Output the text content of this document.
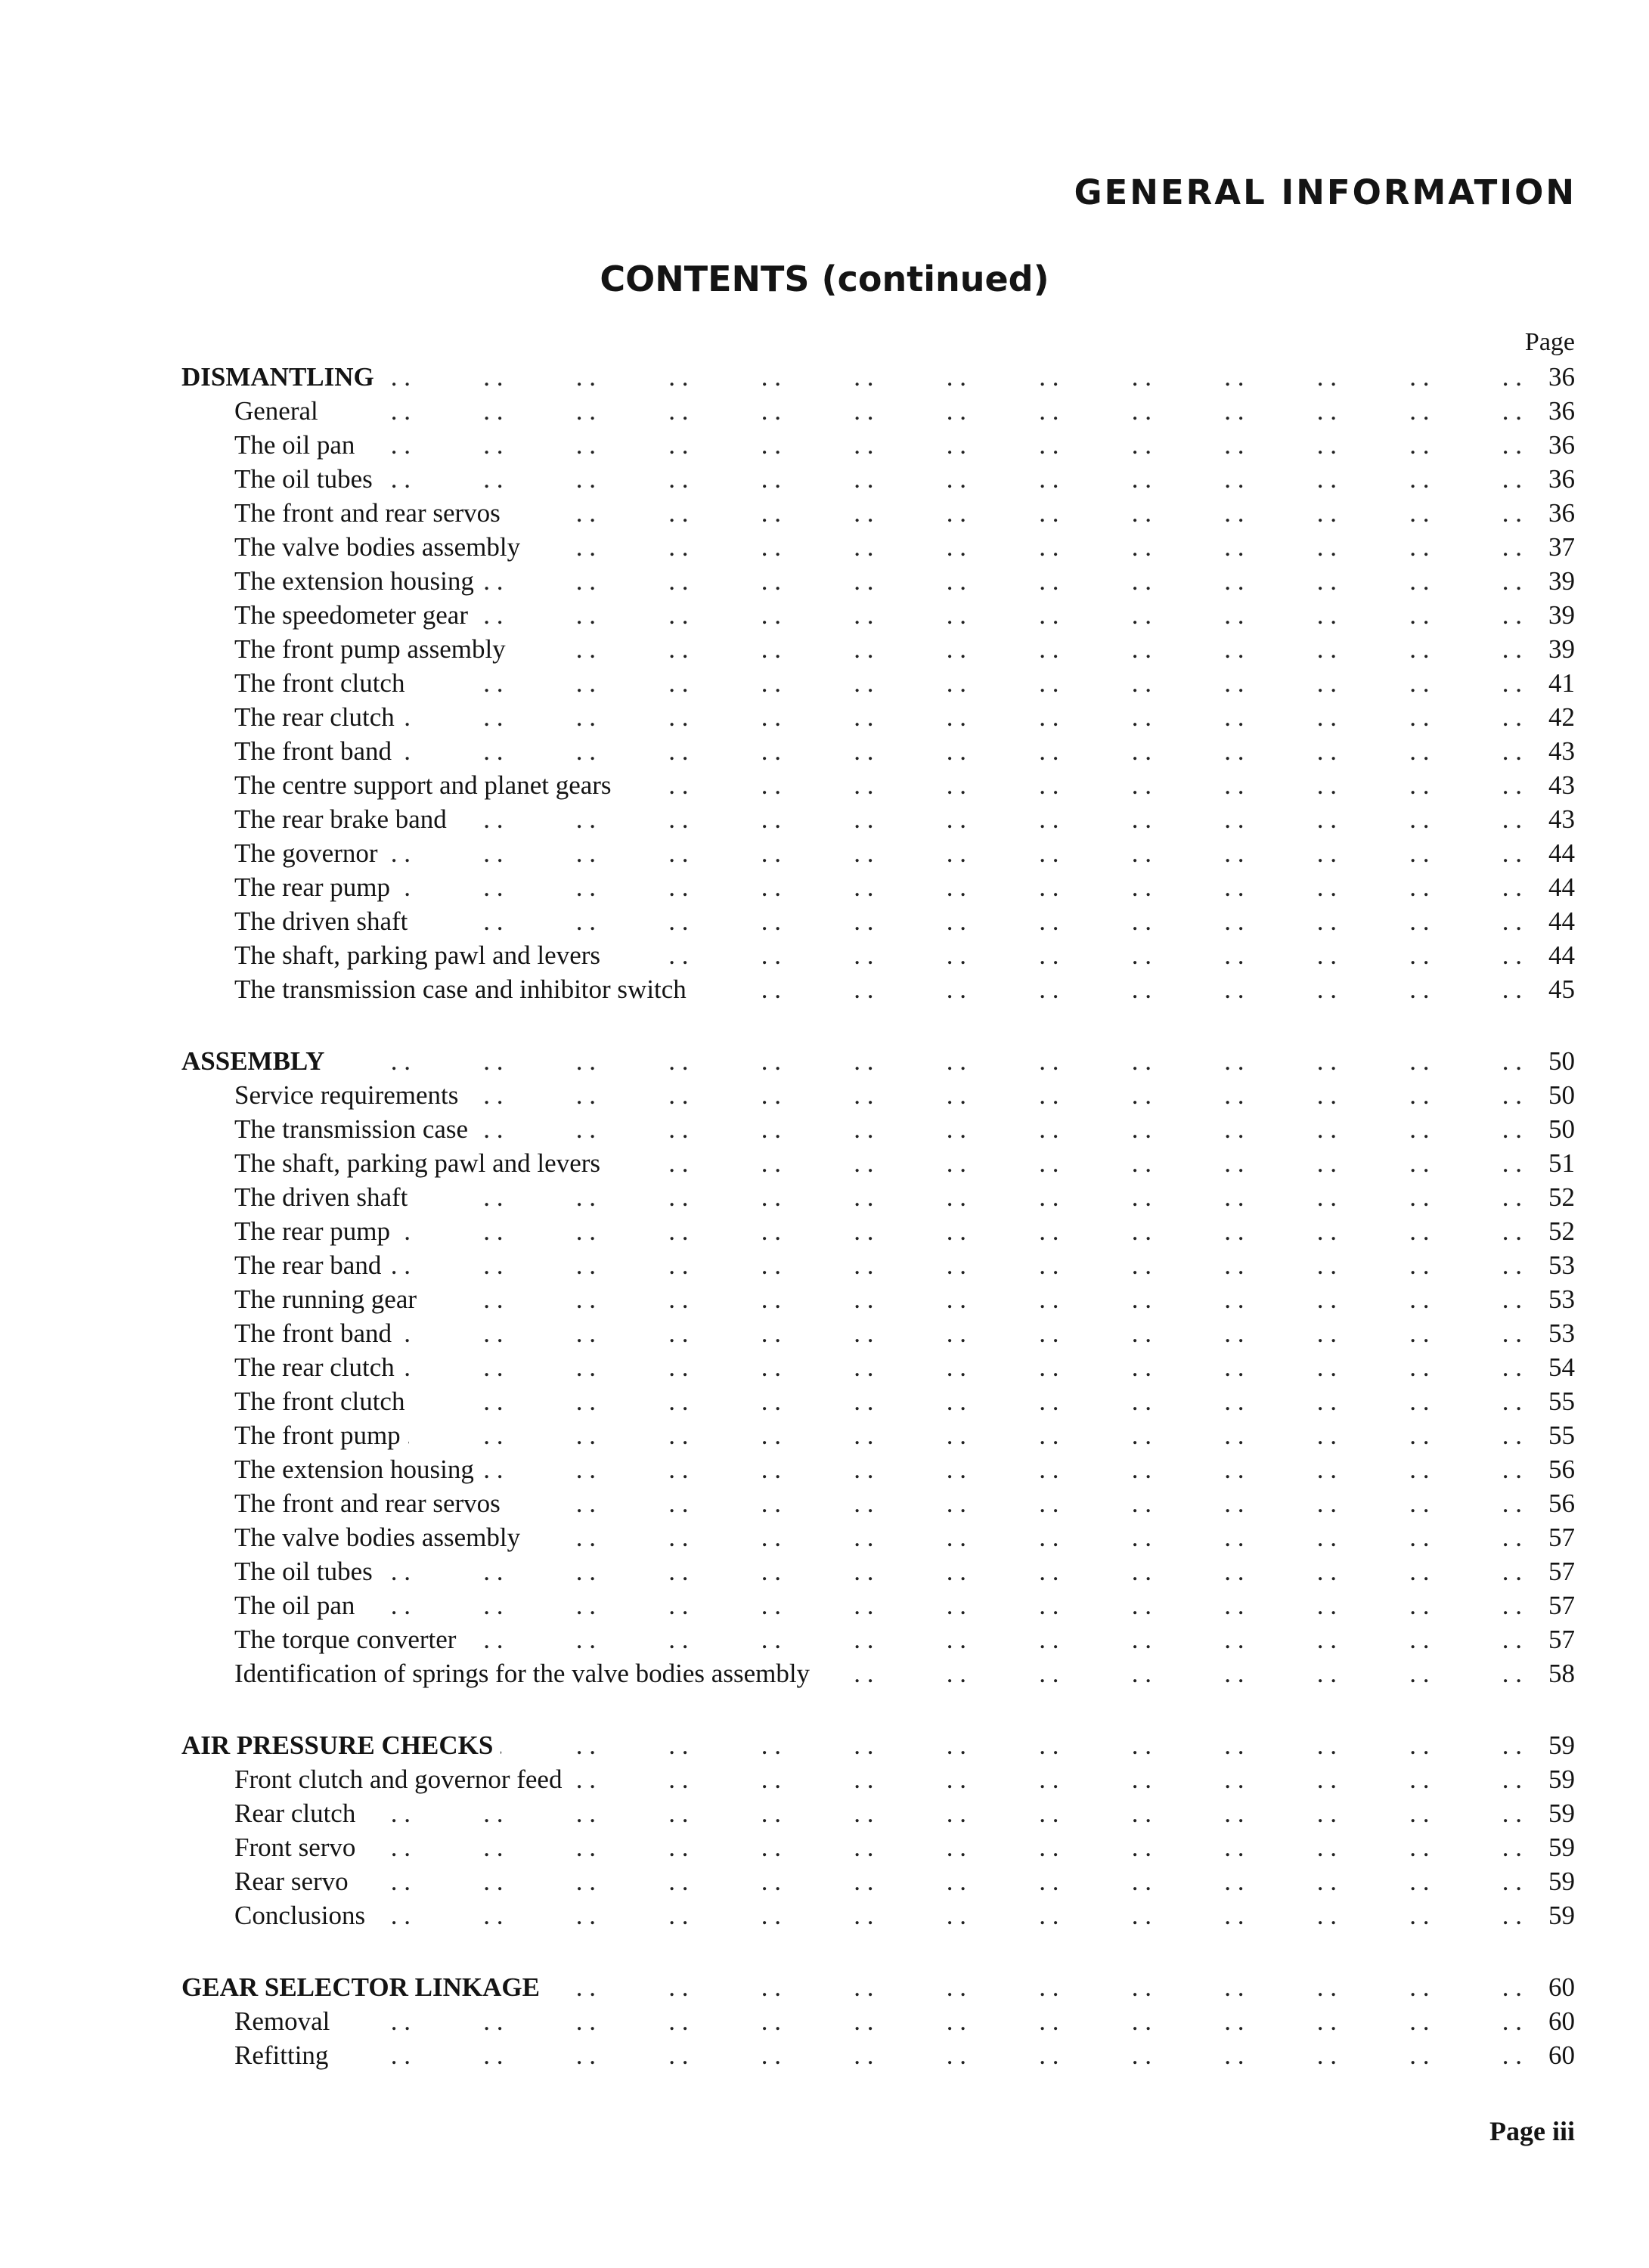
GENERAL INFORMATION
CONTENTS (continued)
Page
DISMANTLING . .	36
General . .	36
The oil pan . .	36
The oil tubes . .	36
The front and rear servos . .	36
The valve bodies assembly . .	37
The extension housing . .	39
The speedometer gear . .	39
The front pump assembly . .	39
The front clutch . .	41
The rear clutch . .	42
The front band . .	43
The centre support and planet gears . .	43
The rear brake band . .	43
The governor . .	44
The rear pump . .	44
The driven shaft . .	44
The shaft, parking pawl and levers . .	44
The transmission case and inhibitor switch . .	45
ASSEMBLY . .	50
Service requirements . .	50
The transmission case . .	50
The shaft, parking pawl and levers . .	51
The driven shaft . .	52
The rear pump . .	52
The rear band . .	53
The running gear . .	53
The front band . .	53
The rear clutch . .	54
The front clutch . .	55
The front pump . .	55
The extension housing . .	56
The front and rear servos . .	56
The valve bodies assembly . .	57
The oil tubes . .	57
The oil pan . .	57
The torque converter . .	57
Identification of springs for the valve bodies assembly . .	58
AIR PRESSURE CHECKS . .	59
Front clutch and governor feed . .	59
Rear clutch . .	59
Front servo . .	59
Rear servo . .	59
Conclusions . .	59
GEAR SELECTOR LINKAGE . .	60
Removal . .	60
Refitting . .	60
Page iii
